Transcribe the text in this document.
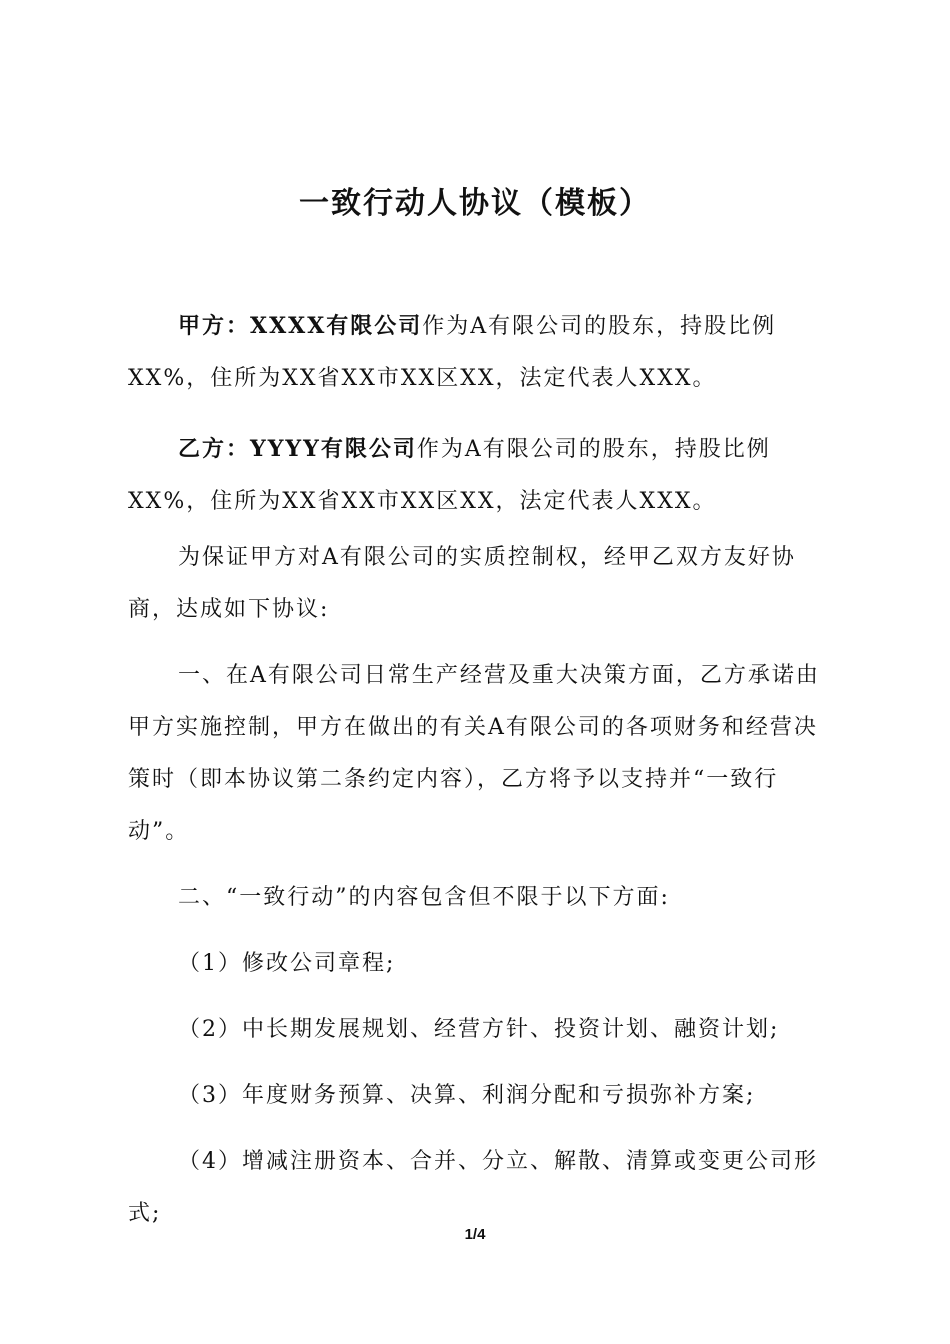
一致行动人协议（模板）

甲方：XXXX有限公司作为A有限公司的股东，持股比例XX%，住所为XX省XX市XX区XX，法定代表人XXX。

乙方：YYYY有限公司作为A有限公司的股东，持股比例XX%，住所为XX省XX市XX区XX，法定代表人XXX。

为保证甲方对A有限公司的实质控制权，经甲乙双方友好协商，达成如下协议:

一、在A有限公司日常生产经营及重大决策方面，乙方承诺由甲方实施控制，甲方在做出的有关A有限公司的各项财务和经营决策时（即本协议第二条约定内容），乙方将予以支持并“一致行动”。

二、“一致行动”的内容包含但不限于以下方面:

（1）修改公司章程;

（2）中长期发展规划、经营方针、投资计划、融资计划;

（3）年度财务预算、决算、利润分配和亏损弥补方案;

（4）增减注册资本、合并、分立、解散、清算或变更公司形式;

1/4
